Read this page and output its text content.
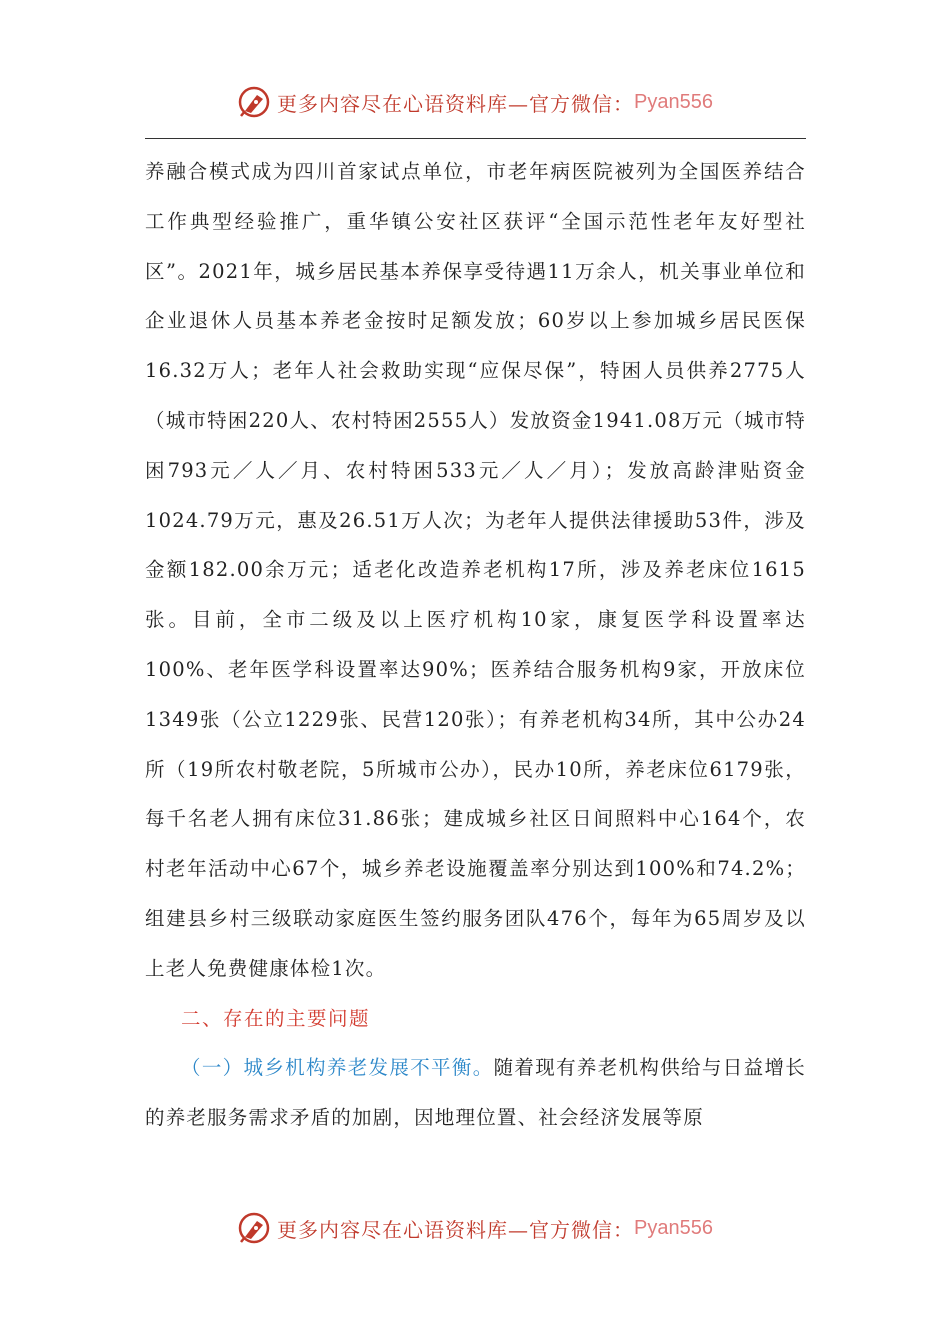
更多内容尽在心语资料库—官方微信： Pyan556

养融合模式成为四川首家试点单位，市老年病医院被列为全国医养结合工作典型经验推广，重华镇公安社区获评“全国示范性老年友好型社区”。2021年，城乡居民基本养保享受待遇11万余人，机关事业单位和企业退休人员基本养老金按时足额发放；60岁以上参加城乡居民医保16.32万人；老年人社会救助实现“应保尽保”，特困人员供养2775人（城市特困220人、农村特困2555人）发放资金1941.08万元（城市特困793元／人／月、农村特困533元／人／月）；发放高龄津贴资金1024.79万元，惠及26.51万人次；为老年人提供法律援助53件，涉及金额182.00余万元；适老化改造养老机构17所，涉及养老床位1615张。目前，全市二级及以上医疗机构10家，康复医学科设置率达100%、老年医学科设置率达90%；医养结合服务机构9家，开放床位1349张（公立1229张、民营120张）；有养老机构34所，其中公办24所（19所农村敬老院，5所城市公办），民办10所，养老床位6179张，每千名老人拥有床位31.86张；建成城乡社区日间照料中心164个，农村老年活动中心67个，城乡养老设施覆盖率分别达到100%和74.2%；组建县乡村三级联动家庭医生签约服务团队476个，每年为65周岁及以上老人免费健康体检1次。

二、存在的主要问题

（一）城乡机构养老发展不平衡。随着现有养老机构供给与日益增长的养老服务需求矛盾的加剧，因地理位置、社会经济发展等原

更多内容尽在心语资料库—官方微信： Pyan556
